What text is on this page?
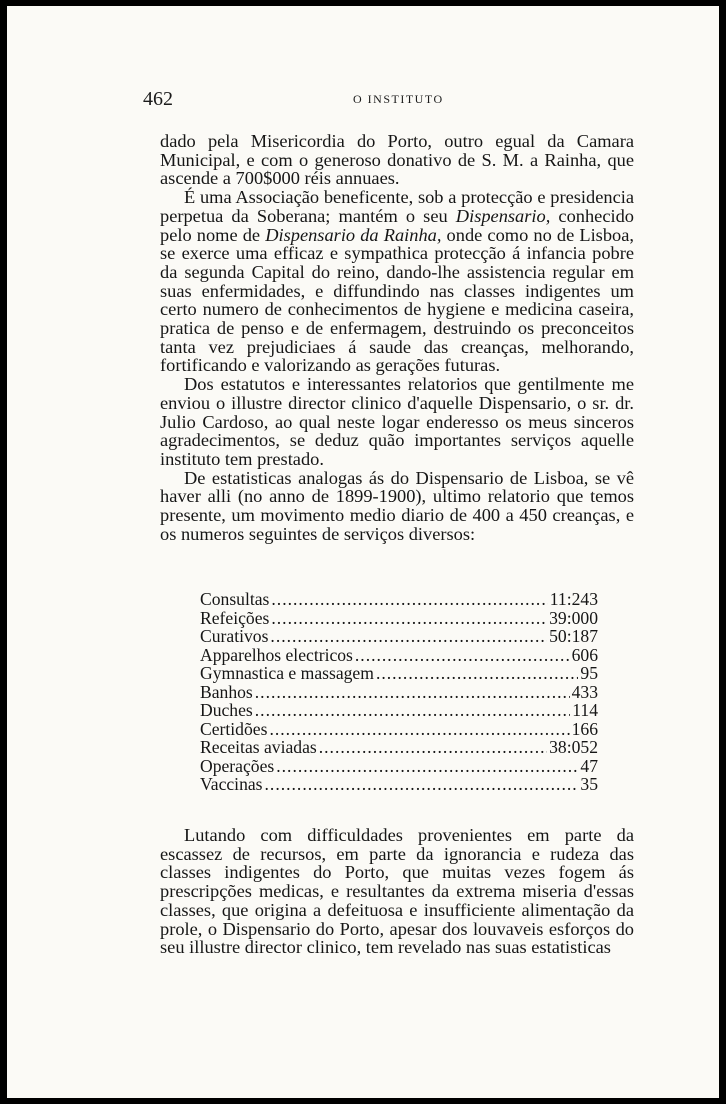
462	O INSTITUTO

dado pela Misericordia do Porto, outro egual da Camara Municipal, e com o generoso donativo de S. M. a Rainha, que ascende a 700$000 réis annuaes.

É uma Associação beneficente, sob a protecção e presidencia perpetua da Soberana; mantém o seu Dispensario, conhecido pelo nome de Dispensario da Rainha, onde como no de Lisboa, se exerce uma efficaz e sympathica protecção á infancia pobre da segunda Capital do reino, dando-lhe assistencia regular em suas enfermidades, e diffundindo nas classes indigentes um certo numero de conhecimentos de hygiene e medicina caseira, pratica de penso e de enfermagem, destruindo os preconceitos tanta vez prejudiciaes á saude das creanças, melhorando, fortificando e valorizando as gerações futuras.

Dos estatutos e interessantes relatorios que gentilmente me enviou o illustre director clinico d'aquelle Dispensario, o sr. dr. Julio Cardoso, ao qual neste logar enderesso os meus sinceros agradecimentos, se deduz quão importantes serviços aquelle instituto tem prestado.

De estatisticas analogas ás do Dispensario de Lisboa, se vê haver alli (no anno de 1899-1900), ultimo relatorio que temos presente, um movimento medio diario de 400 a 450 creanças, e os numeros seguintes de serviços diversos:

Consultas .....	11:243
Refeições .....	39:000
Curativos .....	50:187
Apparelhos electricos .....	606
Gymnastica e massagem .....	95
Banhos .....	433
Duches .....	114
Certidões .....	166
Receitas aviadas .....	38:052
Operações .....	47
Vaccinas .....	35

Lutando com difficuldades provenientes em parte da escassez de recursos, em parte da ignorancia e rudeza das classes indigentes do Porto, que muitas vezes fogem ás prescripções medicas, e resultantes da extrema miseria d'essas classes, que origina a defeituosa e insufficiente alimentação da prole, o Dispensario do Porto, apesar dos louvaveis esforços do seu illustre director clinico, tem revelado nas suas estatisticas
